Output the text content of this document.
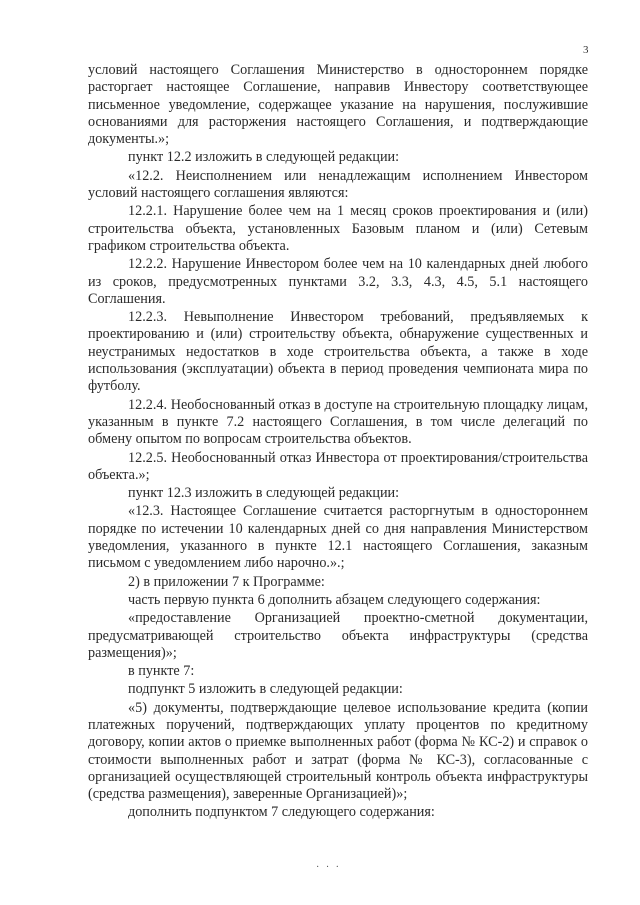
3

условий настоящего Соглашения Министерство в одностороннем порядке расторгает настоящее Соглашение, направив Инвестору соответствующее письменное уведомление, содержащее указание на нарушения, послужившие основаниями для расторжения настоящего Соглашения, и подтверждающие документы.»;

пункт 12.2 изложить в следующей редакции:

«12.2. Неисполнением или ненадлежащим исполнением Инвестором условий настоящего соглашения являются:

12.2.1. Нарушение более чем на 1 месяц сроков проектирования и (или) строительства объекта, установленных Базовым планом и (или) Сетевым графиком строительства объекта.

12.2.2. Нарушение Инвестором более чем на 10 календарных дней любого из сроков, предусмотренных пунктами 3.2, 3.3, 4.3, 4.5, 5.1 настоящего Соглашения.

12.2.3. Невыполнение Инвестором требований, предъявляемых к проектированию и (или) строительству объекта, обнаружение существенных и неустранимых недостатков в ходе строительства объекта, а также в ходе использования (эксплуатации) объекта в период проведения чемпионата мира по футболу.

12.2.4. Необоснованный отказ в доступе на строительную площадку лицам, указанным в пункте 7.2 настоящего Соглашения, в том числе делегаций по обмену опытом по вопросам строительства объектов.

12.2.5. Необоснованный отказ Инвестора от проектирования/строительства объекта.»;

пункт 12.3 изложить в следующей редакции:

«12.3. Настоящее Соглашение считается расторгнутым в одностороннем порядке по истечении 10 календарных дней со дня направления Министерством уведомления, указанного в пункте 12.1 настоящего Соглашения, заказным письмом с уведомлением либо нарочно.».;

2) в приложении 7 к Программе:

часть первую пункта 6 дополнить абзацем следующего содержания:

«предоставление Организацией проектно-сметной документации, предусматривающей строительство объекта инфраструктуры (средства размещения)»;

в пункте 7:

подпункт 5 изложить в следующей редакции:

«5) документы, подтверждающие целевое использование кредита (копии платежных поручений, подтверждающих уплату процентов по кредитному договору, копии актов о приемке выполненных работ (форма № КС-2) и справок о стоимости выполненных работ и затрат (форма № КС-3), согласованные с организацией осуществляющей строительный контроль объекта инфраструктуры (средства размещения), заверенные Организацией)»;

дополнить подпунктом 7 следующего содержания:

· · ·
